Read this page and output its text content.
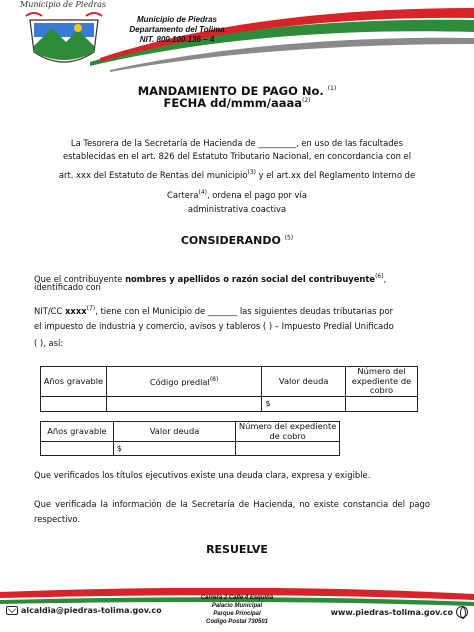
Municipio de Piedras
Municipio de Piedras
Departamento del Tolima
NIT. 800.100.136 – 4
MANDAMIENTO DE PAGO No. $^{(1)}$
FECHA dd/mmm/aaaa$^{(2)}$
La Tesorera de la Secretaría de Hacienda de _________, en uso de las facultades
establecidas en el art. 826 del Estatuto Tributario Nacional, en concordancia con el
art. xxx del Estatuto de Rentas del municipio$^{(3)}$ y el art.xx del Reglamento Interno de
Cartera$^{(4)}$, ordena el pago por vía
administrativa coactiva
CONSIDERANDO $^{(5)}$
Que el contribuyente nombres y apellidos o razón social del contribuyente$^{(6)}$,
identificado con
NIT/CC xxxx$^{(7)}$, tiene con el Municipio de _______ las siguientes deudas tributarias por
el impuesto de industria y comercio, avisos y tableros ( ) – Impuesto Predial Unificado
( ), así:
Años gravable	Código predial$^{(8)}$	Valor deuda	Número del expediente de cobro
		$	
Años gravable	Valor deuda	Número del expediente de cobro
	$	
Que verificados los títulos ejecutivos existe una deuda clara, expresa y exigible.
Que verificada la información de la Secretaría de Hacienda, no existe constancia del pago respectivo.
RESUELVE
alcaldia@piedras-tolima.gov.co
Carrera 2 Calle 4 Esquina
Palacio Municipal
Parque Principal
Código Postal 730501
www.piedras-tolima.gov.co
